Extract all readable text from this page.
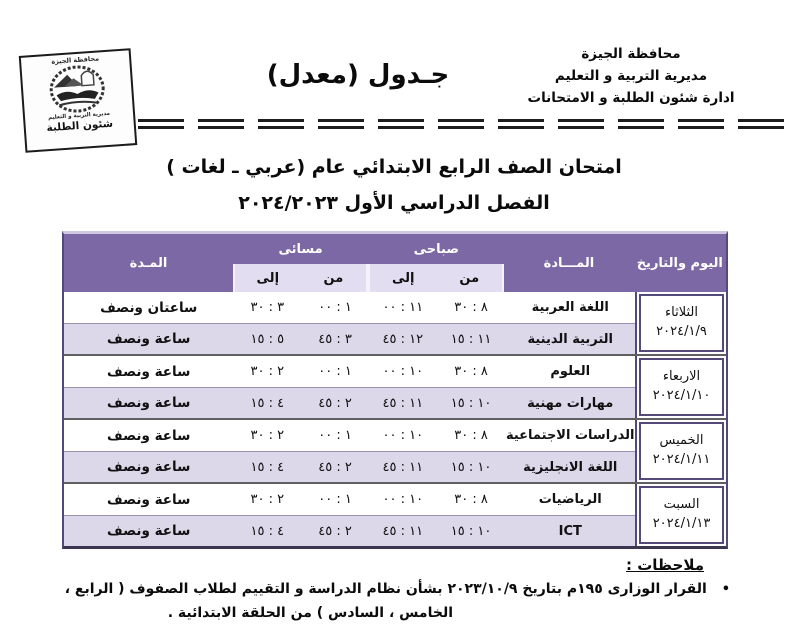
محافظة الجيزة
مديرية التربية و التعليم
شئون الطلبة
محافظة الجيزة
مديرية التربية و التعليم
ادارة شئون الطلبة و الامتحانات
جـدول (معدل)
امتحان الصف الرابع الابتدائي عام (عربي ـ لغات )
الفصل الدراسي الأول ٢٠٢٤/٢٠٢٣
اليوم والتاريخ
المـــادة
صباحى
من
إلى
مسائى
من
إلى
المـدة
الثلاثاء
٢٠٢٤/١/٩
اللغة العربية
٨ : ٣٠
١١ : ٠٠
١ : ٠٠
٣ : ٣٠
ساعتان ونصف
التربية الدينية
١١ : ١٥
١٢ : ٤٥
٣ : ٤٥
٥ : ١٥
ساعة ونصف
الاربعاء
٢٠٢٤/١/١٠
العلوم
٨ : ٣٠
١٠ : ٠٠
١ : ٠٠
٢ : ٣٠
ساعة ونصف
مهارات مهنية
١٠ : ١٥
١١ : ٤٥
٢ : ٤٥
٤ : ١٥
ساعة ونصف
الخميس
٢٠٢٤/١/١١
الدراسات الاجتماعية
٨ : ٣٠
١٠ : ٠٠
١ : ٠٠
٢ : ٣٠
ساعة ونصف
اللغة الانجليزية
١٠ : ١٥
١١ : ٤٥
٢ : ٤٥
٤ : ١٥
ساعة ونصف
السبت
٢٠٢٤/١/١٣
الرياضيات
٨ : ٣٠
١٠ : ٠٠
١ : ٠٠
٢ : ٣٠
ساعة ونصف
ICT
١٠ : ١٥
١١ : ٤٥
٢ : ٤٥
٤ : ١٥
ساعة ونصف
ملاحظات :
• القرار الوزارى ١٩٥م بتاريخ ٢٠٢٣/١٠/٩ بشأن نظام الدراسة و التقييم لطلاب الصفوف ( الرابع ،
الخامس ، السادس ) من الحلقة الابتدائية .
